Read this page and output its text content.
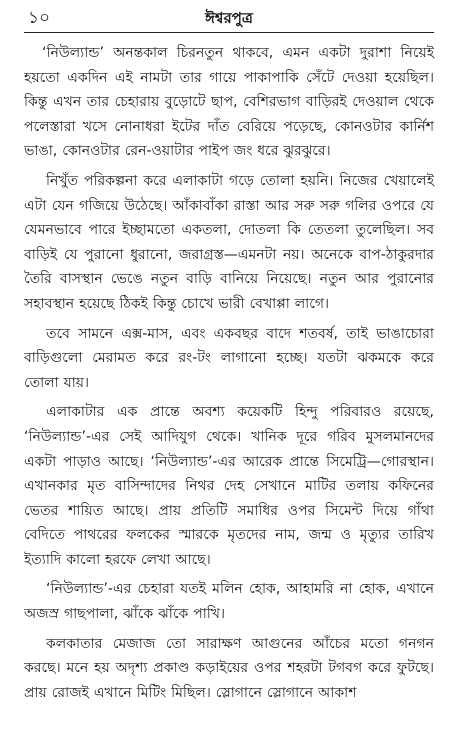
১০	ঈশ্বরপুত্র

‘নিউল্যান্ড’ অনন্তকাল চিরনতুন থাকবে, এমন একটা দুরাশা নিয়েই হয়তো একদিন এই নামটা তার গায়ে পাকাপাকি সেঁটে দেওয়া হয়েছিল। কিন্তু এখন তার চেহারায় বুড়োটে ছাপ, বেশিরভাগ বাড়িরই দেওয়াল থেকে পলেস্তারা খসে নোনাধরা ইটের দাঁত বেরিয়ে পড়েছে, কোনওটার কার্নিশ ভাঙা, কোনওটার রেন-ওয়াটার পাইপ জং ধরে ঝুরঝুরে।

নিখুঁত পরিকল্পনা করে এলাকাটা গড়ে তোলা হয়নি। নিজের খেয়ালেই এটা যেন গজিয়ে উঠেছে। আঁকাবাঁকা রাস্তা আর সরু সরু গলির ওপরে যে যেমনভাবে পারে ইচ্ছামতো একতলা, দোতলা কি তেতলা তুলেছিল। সব বাড়িই যে পুরানো ধুরানো, জরাগ্রস্ত—এমনটা নয়। অনেকে বাপ-ঠাকুরদার তৈরি বাসস্থান ভেঙে নতুন বাড়ি বানিয়ে নিয়েছে। নতুন আর পুরানোর সহাবস্থান হয়েছে ঠিকই কিন্তু চোখে ভারী বেখাপ্পা লাগে।

তবে সামনে এক্স-মাস, এবং একবছর বাদে শতবর্ষ, তাই ভাঙাচোরা বাড়িগুলো মেরামত করে রং-টং লাগানো হচ্ছে। যতটা ঝকমকে করে তোলা যায়।

এলাকাটার এক প্রান্তে অবশ্য কয়েকটি হিন্দু পরিবারও রয়েছে, ‘নিউল্যান্ড’-এর সেই আদিযুগ থেকে। খানিক দূরে গরিব মুসলমানদের একটা পাড়াও আছে। ‘নিউল্যান্ড’-এর আরেক প্রান্তে সিমেট্রি—গোরস্থান। এখানকার মৃত বাসিন্দাদের নিথর দেহ সেখানে মাটির তলায় কফিনের ভেতর শায়িত আছে। প্রায় প্রতিটি সমাধির ওপর সিমেন্ট দিয়ে গাঁথা বেদিতে পাথরের ফলকের স্মারকে মৃতদের নাম, জন্ম ও মৃত্যুর তারিখ ইত্যাদি কালো হরফে লেখা আছে।

‘নিউল্যান্ড’-এর চেহারা যতই মলিন হোক, আহামরি না হোক, এখানে অজস্র গাছপালা, ঝাঁকে ঝাঁকে পাখি।

কলকাতার মেজাজ তো সারাক্ষণ আগুনের আঁচের মতো গনগন করছে। মনে হয় অদৃশ্য প্রকাণ্ড কড়াইয়ের ওপর শহরটা টগবগ করে ফুটছে। প্রায় রোজই এখানে মিটিং মিছিল। স্লোগানে স্লোগানে আকাশ
